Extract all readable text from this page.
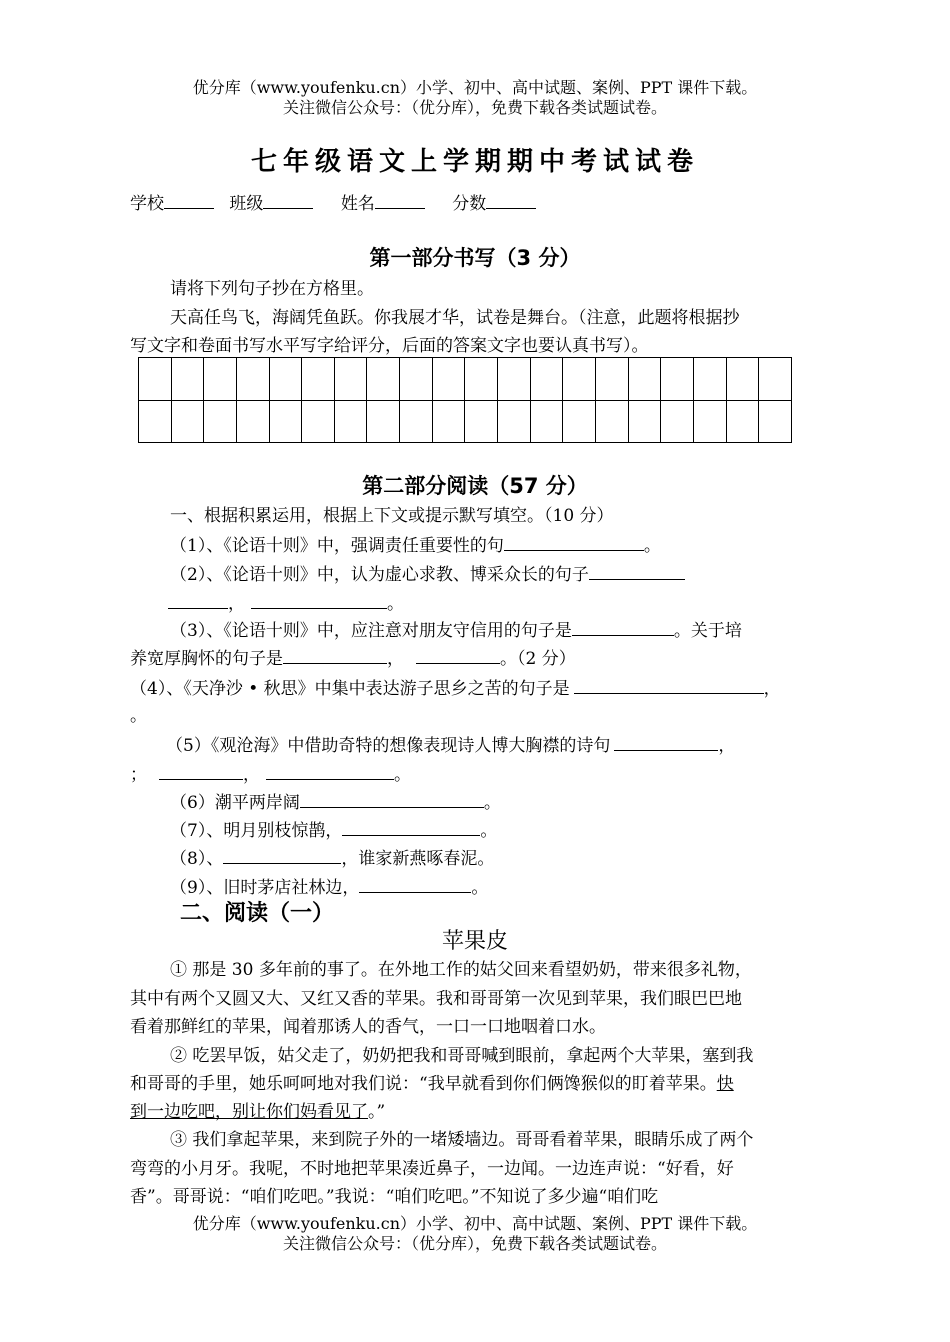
优分库（www.youfenku.cn）小学、初中、高中试题、案例、PPT 课件下载。
关注微信公众号：（优分库），免费下载各类试题试卷。
七年级语文上学期期中考试试卷
学校	班级	姓名	分数
第一部分书写（3 分）
请将下列句子抄在方格里。
天高任鸟飞，海阔凭鱼跃。你我展才华，试卷是舞台。（注意，此题将根据抄
写文字和卷面书写水平写字给评分，后面的答案文字也要认真书写）。

第二部分阅读（57 分）
一、根据积累运用，根据上下文或提示默写填空。（10 分）
（1）、《论语十则》中，强调责任重要性的句	。
（2）、《论语十则》中，认为虚心求教、博采众长的句子
，	。
（3）、《论语十则》中，应注意对朋友守信用的句子是	。关于培
养宽厚胸怀的句子是	，	。（2 分）
（4）、《天净沙 • 秋思》中集中表达游子思乡之苦的句子是	，
。
（5）《观沧海》中借助奇特的想像表现诗人博大胸襟的诗句	，
；	，	。
（6）潮平两岸阔	。
（7）、明月别枝惊鹊，	。
（8）、	，谁家新燕啄春泥。
（9）、旧时茅店社林边，	。
二、阅读（一）
苹果皮
① 那是 30 多年前的事了。在外地工作的姑父回来看望奶奶，带来很多礼物，
其中有两个又圆又大、又红又香的苹果。我和哥哥第一次见到苹果，我们眼巴巴地
看着那鲜红的苹果，闻着那诱人的香气，一口一口地咽着口水。
② 吃罢早饭，姑父走了，奶奶把我和哥哥喊到眼前，拿起两个大苹果，塞到我
和哥哥的手里，她乐呵呵地对我们说：“我早就看到你们俩馋猴似的盯着苹果。快
到一边吃吧，别让你们妈看见了。”
③ 我们拿起苹果，来到院子外的一堵矮墙边。哥哥看着苹果，眼睛乐成了两个
弯弯的小月牙。我呢，不时地把苹果凑近鼻子，一边闻。一边连声说：“好看，好
香”。哥哥说：“咱们吃吧。”我说：“咱们吃吧。”不知说了多少遍“咱们吃
优分库（www.youfenku.cn）小学、初中、高中试题、案例、PPT 课件下载。
关注微信公众号：（优分库），免费下载各类试题试卷。
